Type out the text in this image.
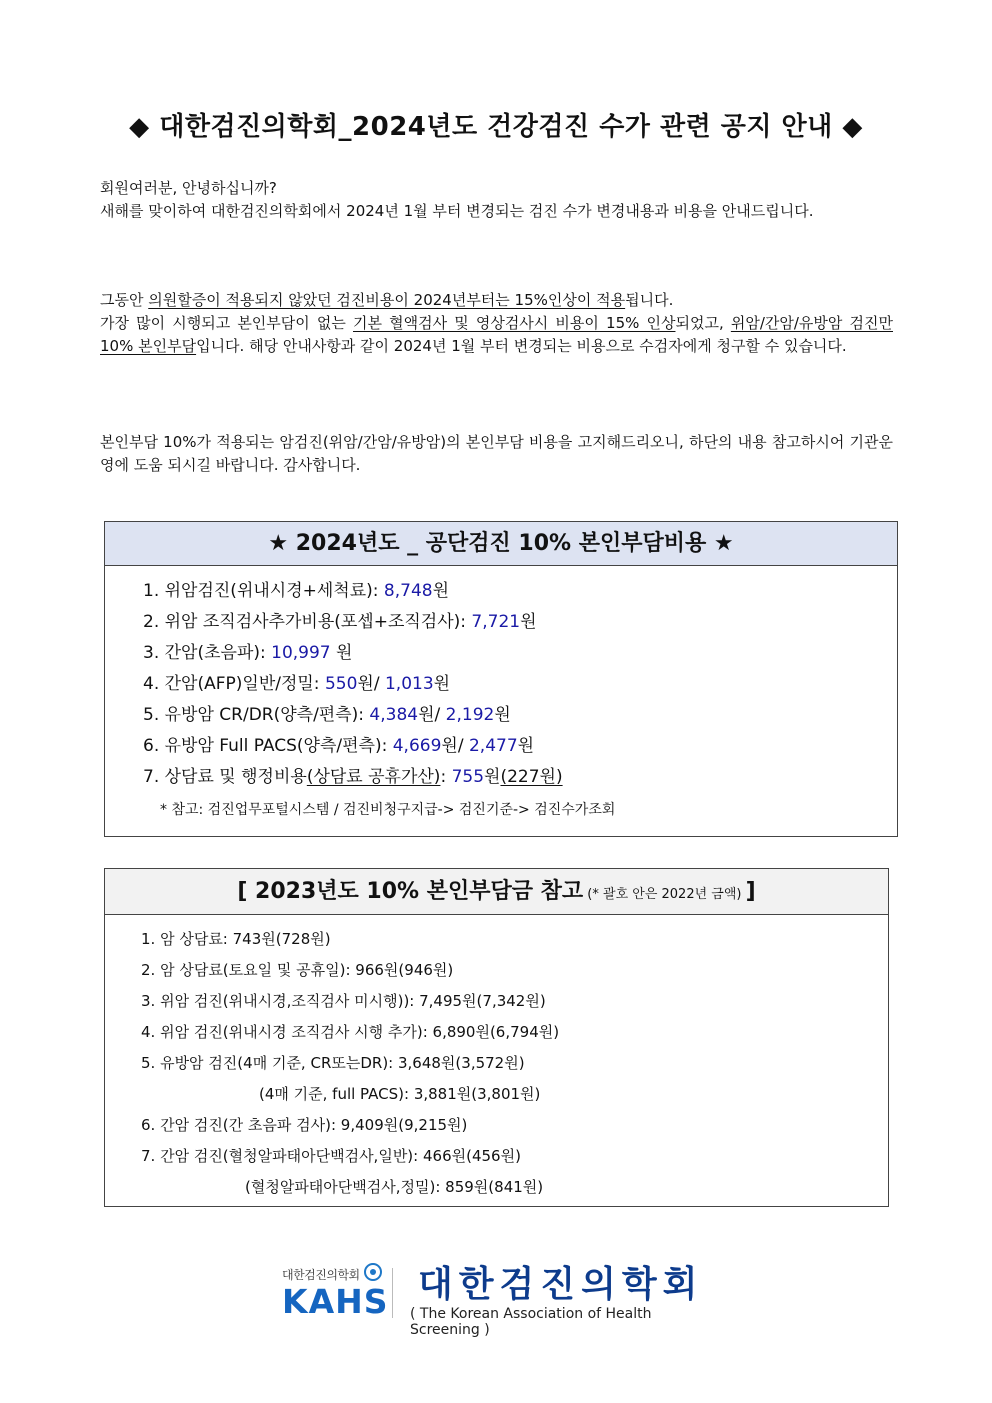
◆ 대한검진의학회_2024년도 건강검진 수가 관련 공지 안내 ◆
회원여러분, 안녕하십니까?
새해를 맞이하여 대한검진의학회에서 2024년 1월 부터 변경되는 검진 수가 변경내용과 비용을 안내드립니다.
그동안 의원할증이 적용되지 않았던 검진비용이 2024년부터는 15%인상이 적용됩니다.
가장 많이 시행되고 본인부담이 없는 기본 혈액검사 및 영상검사시 비용이 15% 인상되었고, 위암/간암/유방암 검진만 10% 본인부담입니다. 해당 안내사항과 같이 2024년 1월 부터 변경되는 비용으로 수검자에게 청구할 수 있습니다.
본인부담 10%가 적용되는 암검진(위암/간암/유방암)의 본인부담 비용을 고지해드리오니, 하단의 내용 참고하시어 기관운영에 도움 되시길 바랍니다. 감사합니다.
★ 2024년도 _ 공단검진 10% 본인부담비용 ★
1. 위암검진(위내시경+세척료): 8,748원
2. 위암 조직검사추가비용(포셉+조직검사): 7,721원
3. 간암(초음파): 10,997 원
4. 간암(AFP)일반/정밀: 550원/ 1,013원
5. 유방암 CR/DR(양측/편측): 4,384원/ 2,192원
6. 유방암 Full PACS(양측/편측): 4,669원/ 2,477원
7. 상담료 및 행정비용(상담료 공휴가산): 755원(227원)
* 참고: 검진업무포털시스템 / 검진비청구지급-> 검진기준-> 검진수가조회
[ 2023년도 10% 본인부담금 참고 (* 괄호 안은 2022년 금액) ]
1. 암 상담료: 743원(728원)
2. 암 상담료(토요일 및 공휴일): 966원(946원)
3. 위암 검진(위내시경,조직검사 미시행)): 7,495원(7,342원)
4. 위암 검진(위내시경 조직검사 시행 추가): 6,890원(6,794원)
5. 유방암 검진(4매 기준, CR또는DR): 3,648원(3,572원)
(4매 기준, full PACS): 3,881원(3,801원)
6. 간암 검진(간 초음파 검사): 9,409원(9,215원)
7. 간암 검진(혈청알파태아단백검사,일반): 466원(456원)
(혈청알파태아단백검사,정밀): 859원(841원)
대한검진의학회
KAHS 대한검진의학회
( The Korean Association of Health Screening )
